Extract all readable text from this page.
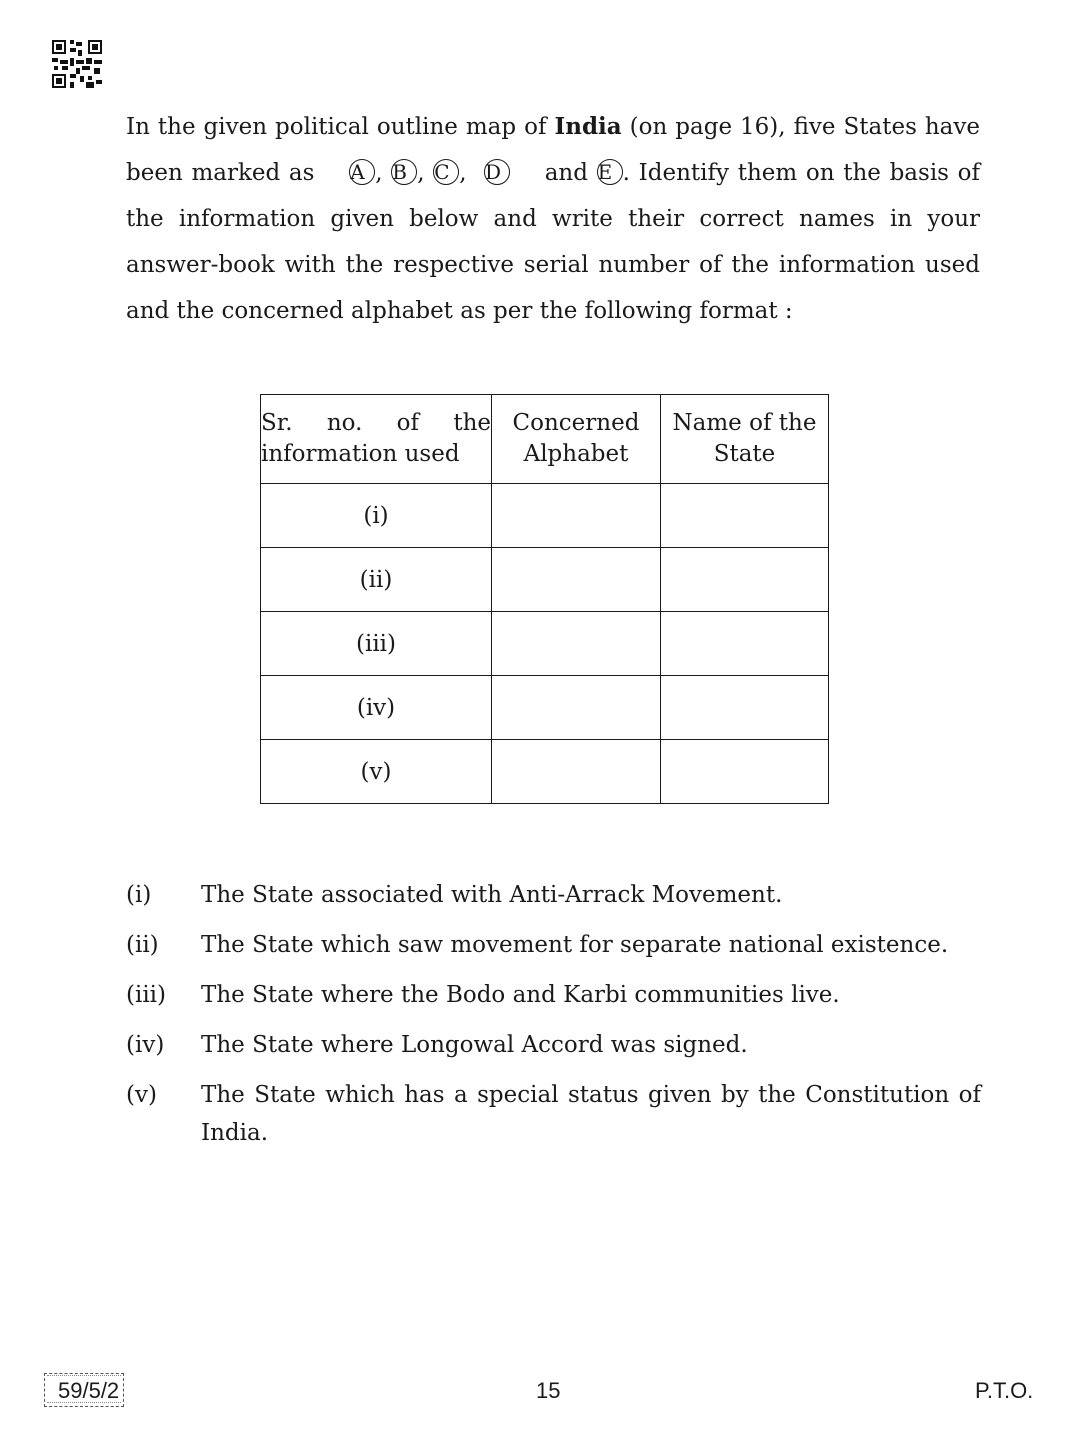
In the given political outline map of India (on page 16), five States have
been marked as A , B , C ,  D and E . Identify them on the basis of
the information given below and write their correct names in your
answer-book with the respective serial number of the information used
and the concerned alphabet as per the following format :
Sr. no. of the information used	Concerned Alphabet	Name of the State
(i)		
(ii)		
(iii)		
(iv)		
(v)		
(i)	The State associated with Anti-Arrack Movement.
(ii)	The State which saw movement for separate national existence.
(iii)	The State where the Bodo and Karbi communities live.
(iv)	The State where Longowal Accord was signed.
(v)	The State which has a special status given by the Constitution of India.
59/5/2	15	P.T.O.
